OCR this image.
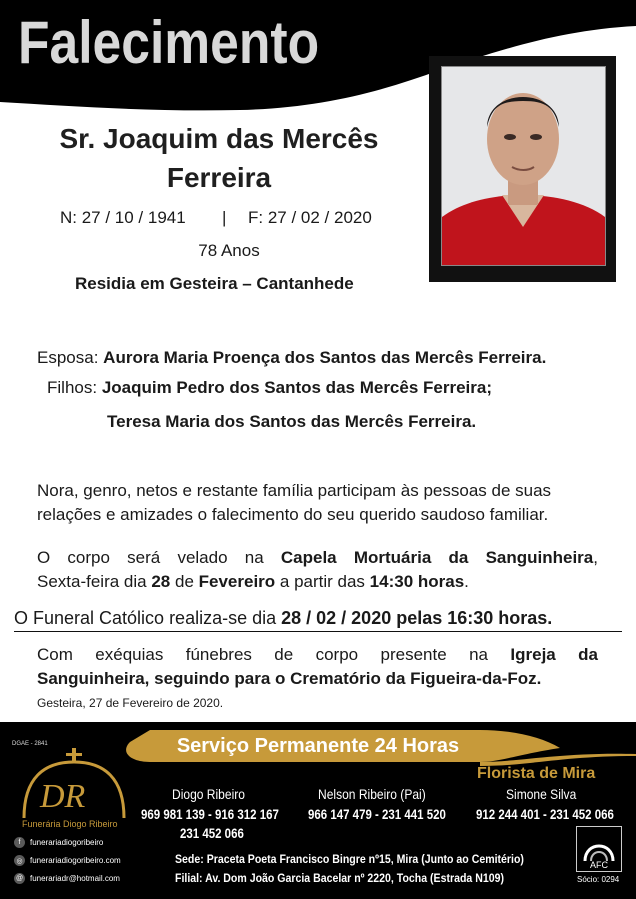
Falecimento
Sr. Joaquim das Mercês
Ferreira
N: 27 / 10 / 1941 | F: 27 / 02 / 2020
78 Anos
Residia em Gesteira – Cantanhede
Esposa: Aurora Maria Proença dos Santos das Mercês Ferreira.
Filhos: Joaquim Pedro dos Santos das Mercês Ferreira;
Teresa Maria dos Santos das Mercês Ferreira.
Nora, genro, netos e restante família participam às pessoas de suas
relações e amizades o falecimento do seu querido saudoso familiar.
O corpo será velado na Capela Mortuária da Sanguinheira,
Sexta-feira dia 28 de Fevereiro a partir das 14:30 horas.
O Funeral Católico realiza-se dia 28 / 02 / 2020 pelas 16:30 horas.
Com exéquias fúnebres de corpo presente na Igreja da
Sanguinheira, seguindo para o Crematório da Figueira-da-Foz.
Gesteira, 27 de Fevereiro de 2020.
Serviço Permanente 24 Horas
DGAE - 2841
DR
Funerária Diogo Ribeiro
f	funerariadiogoribeiro
◎ funerariadiogoribeiro.com
@ funerariadr@hotmail.com
Florista de Mira
Diogo Ribeiro
969 981 139 - 916 312 167
231 452 066
Nelson Ribeiro (Pai)
966 147 479 - 231 441 520
Simone Silva
912 244 401 - 231 452 066
Sede: Praceta Poeta Francisco Bingre nº15, Mira (Junto ao Cemitério)
Filial: Av. Dom João Garcia Bacelar nº 2220, Tocha (Estrada N109)
AFC
Sócio: 0294
